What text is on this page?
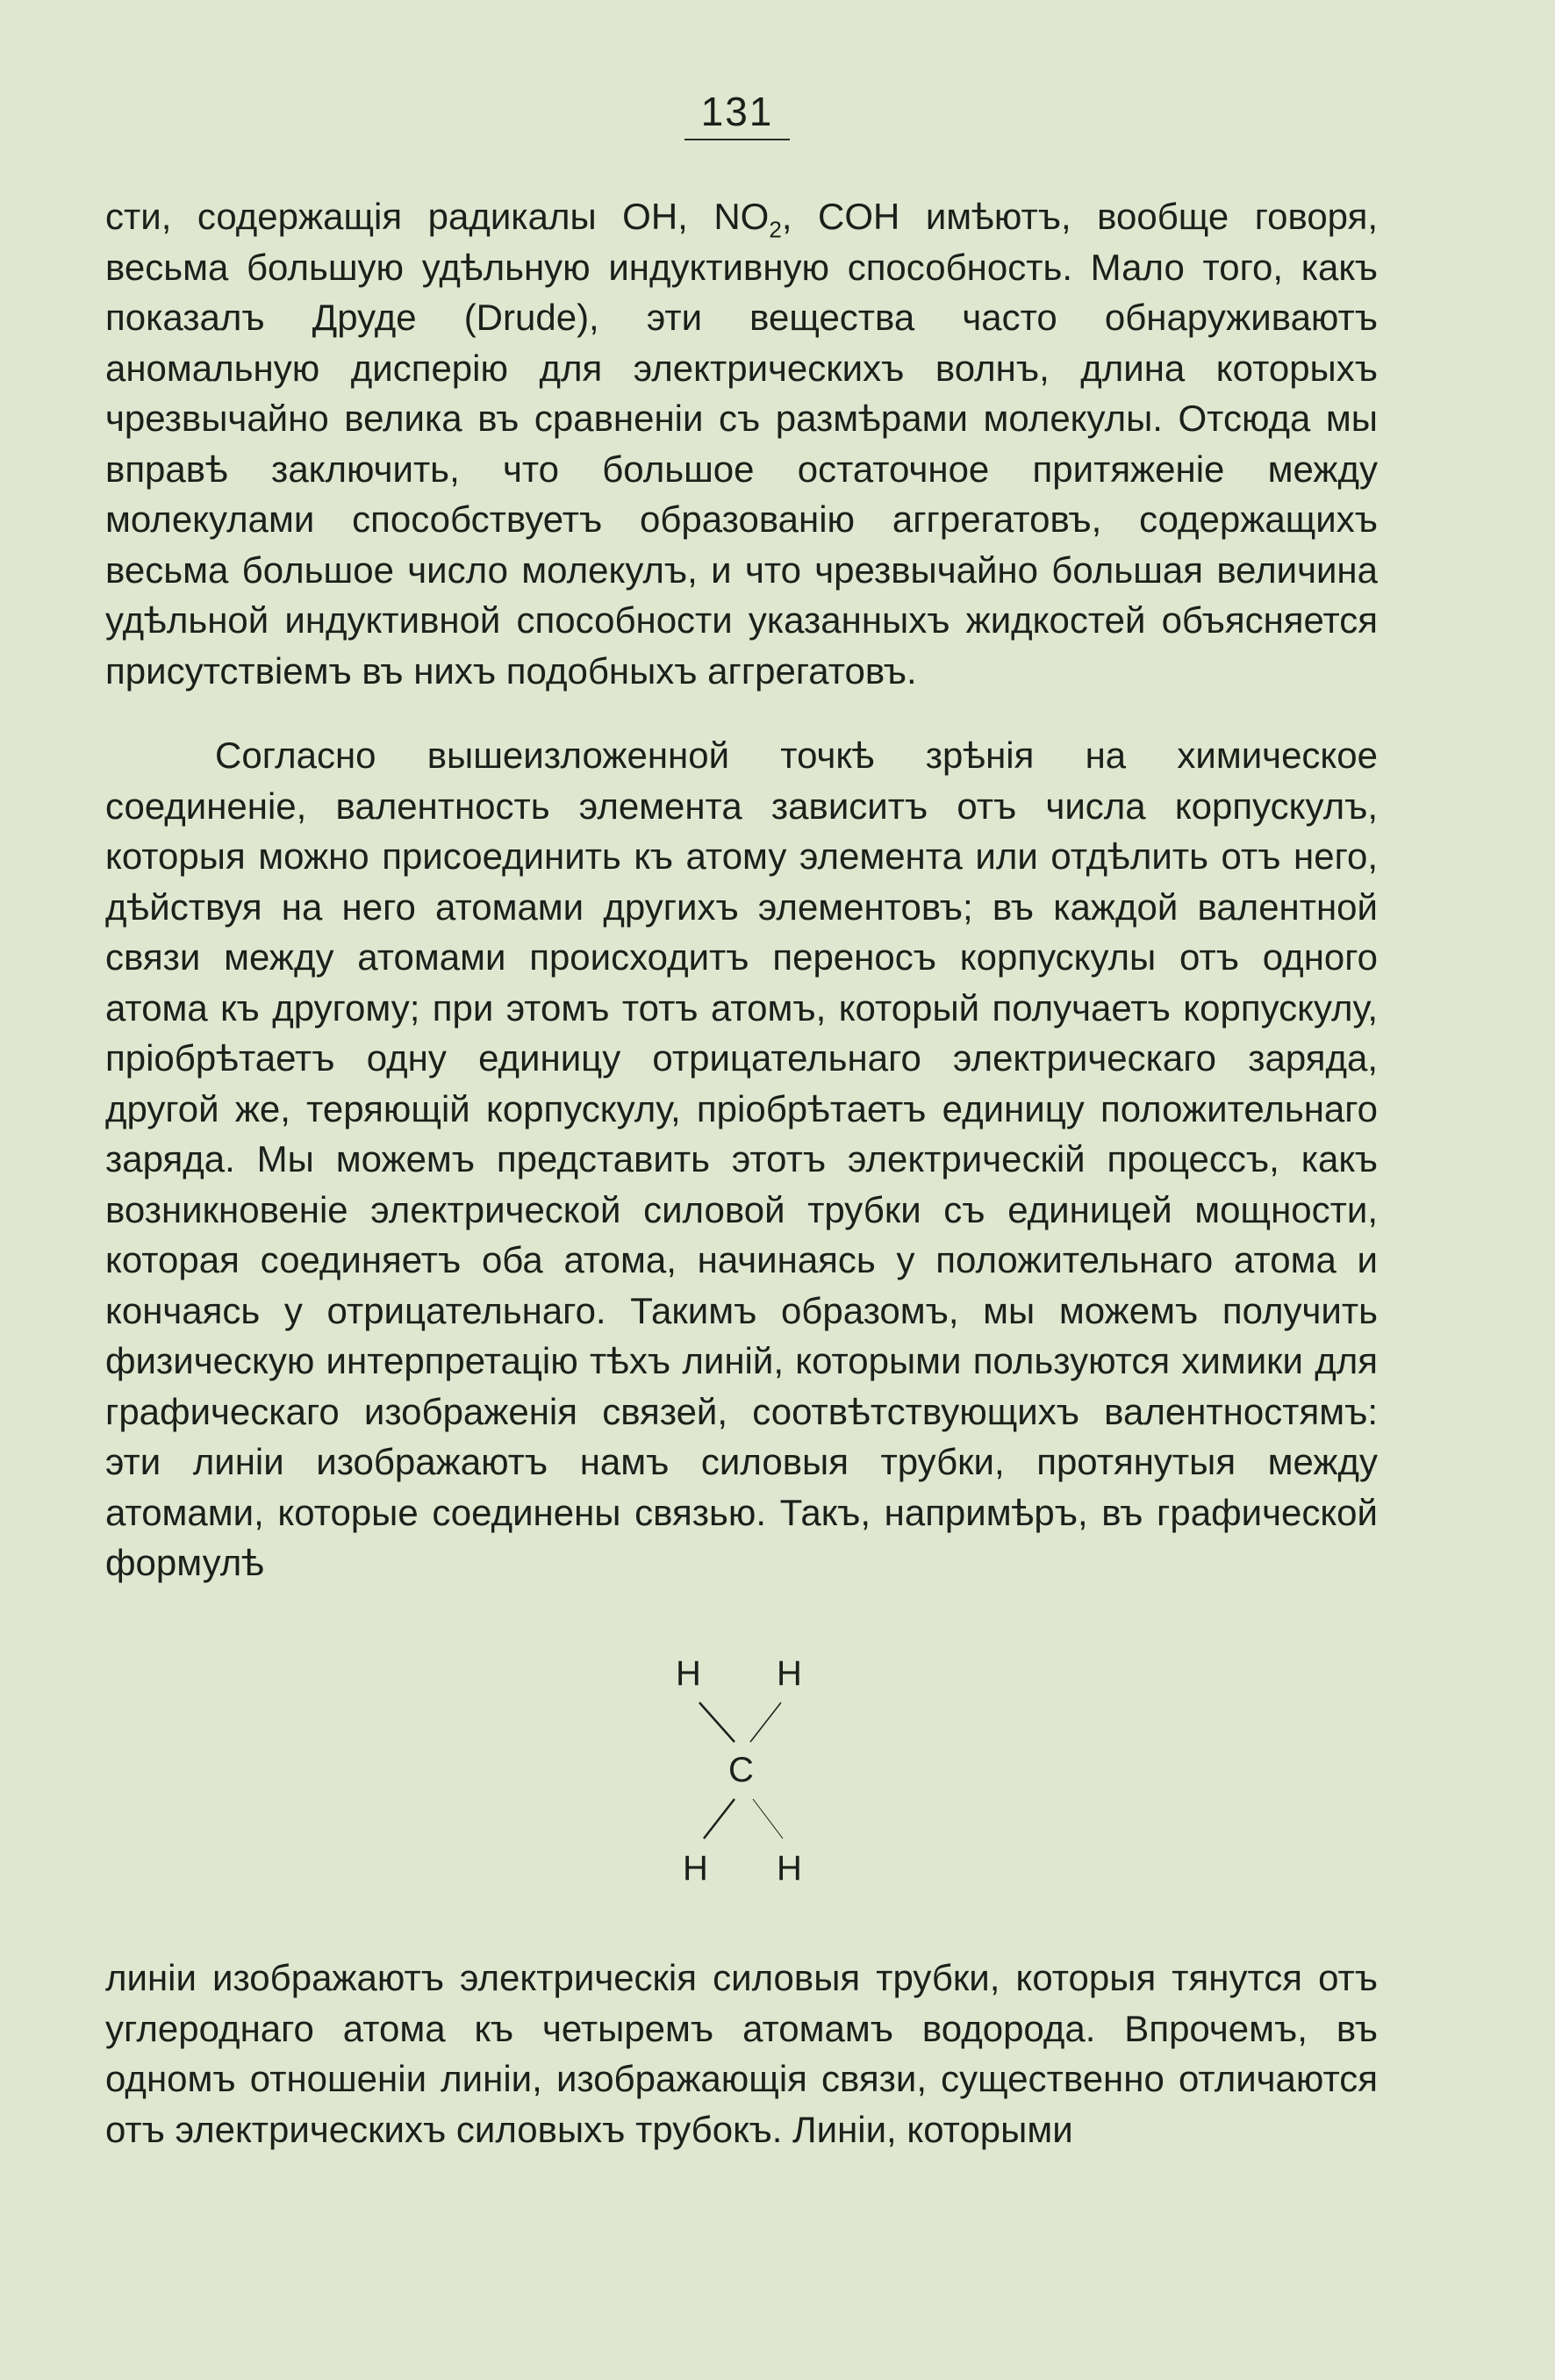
131

сти, содержащія радикалы OH, $NO_2$, COH имѣютъ, вообще говоря, весьма большую удѣльную индуктивную способность. Мало того, какъ показалъ Друде (Drude), эти вещества часто обнаруживаютъ аномальную дисперію для электрическихъ волнъ, длина которыхъ чрезвычайно велика въ сравненіи съ размѣрами молекулы. Отсюда мы вправѣ заключить, что большое остаточное притяженіе между молекулами способствуетъ образованію аггрегатовъ, содержащихъ весьма большое число молекулъ, и что чрезвычайно большая величина удѣльной индуктивной способности указанныхъ жидкостей объясняется присутствіемъ въ нихъ подобныхъ аггрегатовъ.

Согласно вышеизложенной точкѣ зрѣнія на химическое соединеніе, валентность элемента зависитъ отъ числа корпускулъ, которыя можно присоединить къ атому элемента или отдѣлить отъ него, дѣйствуя на него атомами другихъ элементовъ; въ каждой валентной связи между атомами происходитъ переносъ корпускулы отъ одного атома къ другому; при этомъ тотъ атомъ, который получаетъ корпускулу, пріобрѣтаетъ одну единицу отрицательнаго электрическаго заряда, другой же, теряющій корпускулу, пріобрѣтаетъ единицу положительнаго заряда. Мы можемъ представить этотъ электрическій процессъ, какъ возникновеніе электрической силовой трубки съ единицей мощности, которая соединяетъ оба атома, начинаясь у положительнаго атома и кончаясь у отрицательнаго. Такимъ образомъ, мы можемъ получить физическую интерпретацію тѣхъ линій, которыми пользуются химики для графическаго изображенія связей, соотвѣтствующихъ валентностямъ: эти линіи изображаютъ намъ силовыя трубки, протянутыя между атомами, которые соединены связью. Такъ, напримѣръ, въ графической формулѣ

H H
C
H H

линіи изображаютъ электрическія силовыя трубки, которыя тянутся отъ углероднаго атома къ четыремъ атомамъ водорода. Впрочемъ, въ одномъ отношеніи линіи, изображающія связи, существенно отличаются отъ электрическихъ силовыхъ трубокъ. Линіи, которыми
